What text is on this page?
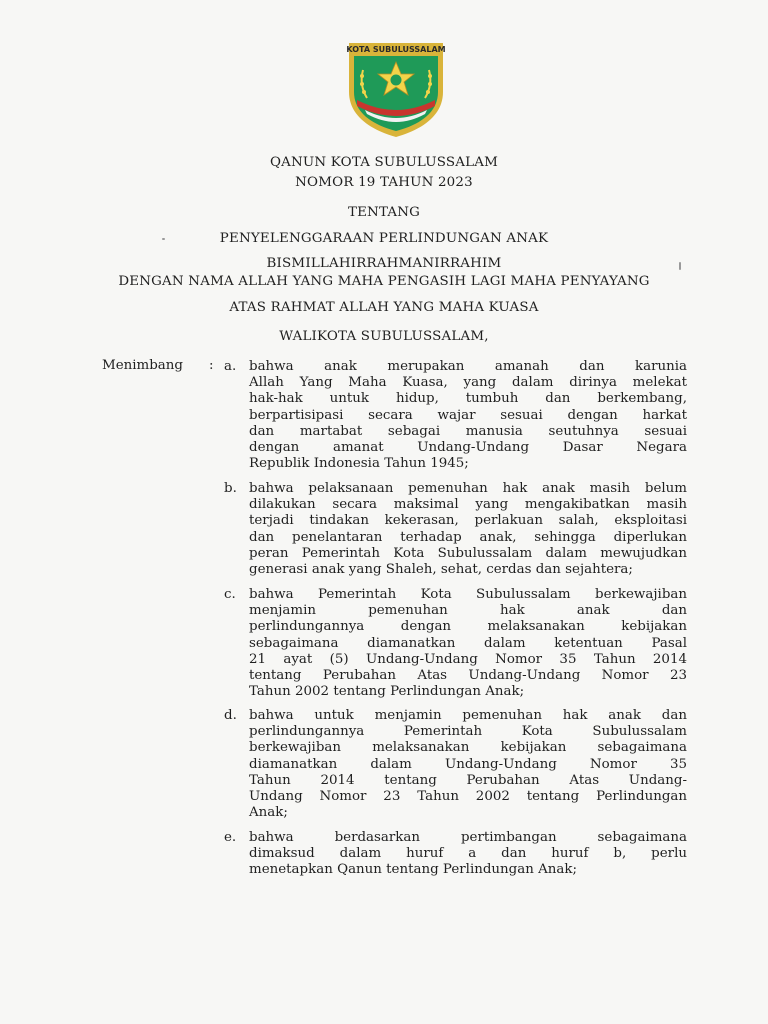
KOTA SUBULUSSALAM
QANUN KOTA SUBULUSSALAM
NOMOR 19 TAHUN 2023
TENTANG
PENYELENGGARAAN PERLINDUNGAN ANAK
BISMILLAHIRRAHMANIRRAHIM
DENGAN NAMA ALLAH YANG MAHA PENGASIH LAGI MAHA PENYAYANG
ATAS RAHMAT ALLAH YANG MAHA KUASA
WALIKOTA SUBULUSSALAM,
Menimbang : a. bahwa anak merupakan amanah dan karunia
Allah Yang Maha Kuasa, yang dalam dirinya melekat
hak-hak untuk hidup, tumbuh dan berkembang,
berpartisipasi secara wajar sesuai dengan harkat
dan martabat sebagai manusia seutuhnya sesuai
dengan amanat Undang-Undang Dasar Negara
Republik Indonesia Tahun 1945;
b. bahwa pelaksanaan pemenuhan hak anak masih belum
dilakukan secara maksimal yang mengakibatkan masih
terjadi tindakan kekerasan, perlakuan salah, eksploitasi
dan penelantaran terhadap anak, sehingga diperlukan
peran Pemerintah Kota Subulussalam dalam mewujudkan
generasi anak yang Shaleh, sehat, cerdas dan sejahtera;
c. bahwa Pemerintah Kota Subulussalam berkewajiban
menjamin pemenuhan hak anak dan
perlindungannya dengan melaksanakan kebijakan
sebagaimana diamanatkan dalam ketentuan Pasal
21 ayat (5) Undang-Undang Nomor 35 Tahun 2014
tentang Perubahan Atas Undang-Undang Nomor 23
Tahun 2002 tentang Perlindungan Anak;
d. bahwa untuk menjamin pemenuhan hak anak dan
perlindungannya Pemerintah Kota Subulussalam
berkewajiban melaksanakan kebijakan sebagaimana
diamanatkan dalam Undang-Undang Nomor 35
Tahun 2014 tentang Perubahan Atas Undang-
Undang Nomor 23 Tahun 2002 tentang Perlindungan
Anak;
e. bahwa berdasarkan pertimbangan sebagaimana
dimaksud dalam huruf a dan huruf b, perlu
menetapkan Qanun tentang Perlindungan Anak;
